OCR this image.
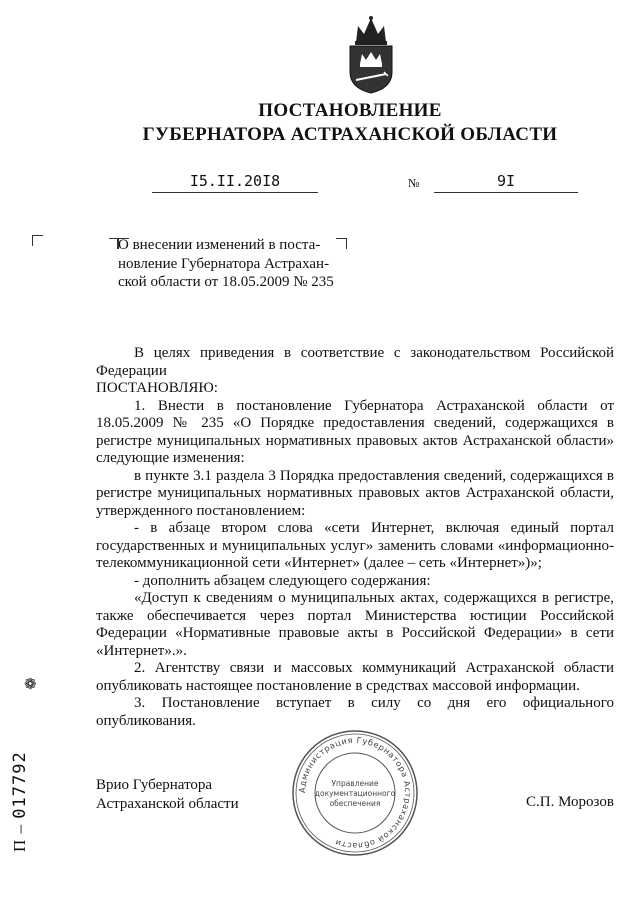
ПОСТАНОВЛЕНИЕ
ГУБЕРНАТОРА АСТРАХАНСКОЙ ОБЛАСТИ
I5.II.20I8	№	9I
О внесении изменений в поста-
новление Губернатора Астрахан-
ской области от 18.05.2009 № 235

В целях приведения в соответствие с законодательством Российской Федерации

ПОСТАНОВЛЯЮ:

1. Внести в постановление Губернатора Астраханской области от 18.05.2009 № 235 «О Порядке предоставления сведений, содержащихся в регистре муниципальных нормативных правовых актов Астраханской области» следующие изменения:

в пункте 3.1 раздела 3 Порядка предоставления сведений, содержащихся в регистре муниципальных нормативных правовых актов Астраханской области, утвержденного постановлением:

- в абзаце втором слова «сети Интернет, включая единый портал государственных и муниципальных услуг» заменить словами «информационно-телекоммуникационной сети «Интернет» (далее – сеть «Интернет»)»;

- дополнить абзацем следующего содержания:

«Доступ к сведениям о муниципальных актах, содержащихся в регистре, также обеспечивается через портал Министерства юстиции Российской Федерации «Нормативные правовые акты в Российской Федерации» в сети «Интернет».».

2. Агентству связи и массовых коммуникаций Астраханской области опубликовать настоящее постановление в средствах массовой информации.

3. Постановление вступает в силу со дня его официального опубликования.

Администрация Губернатора Астраханской области
Управление
документационного
обеспечения
Врио Губернатора
Астраханской области	С.П. Морозов
❁
П – 017792
